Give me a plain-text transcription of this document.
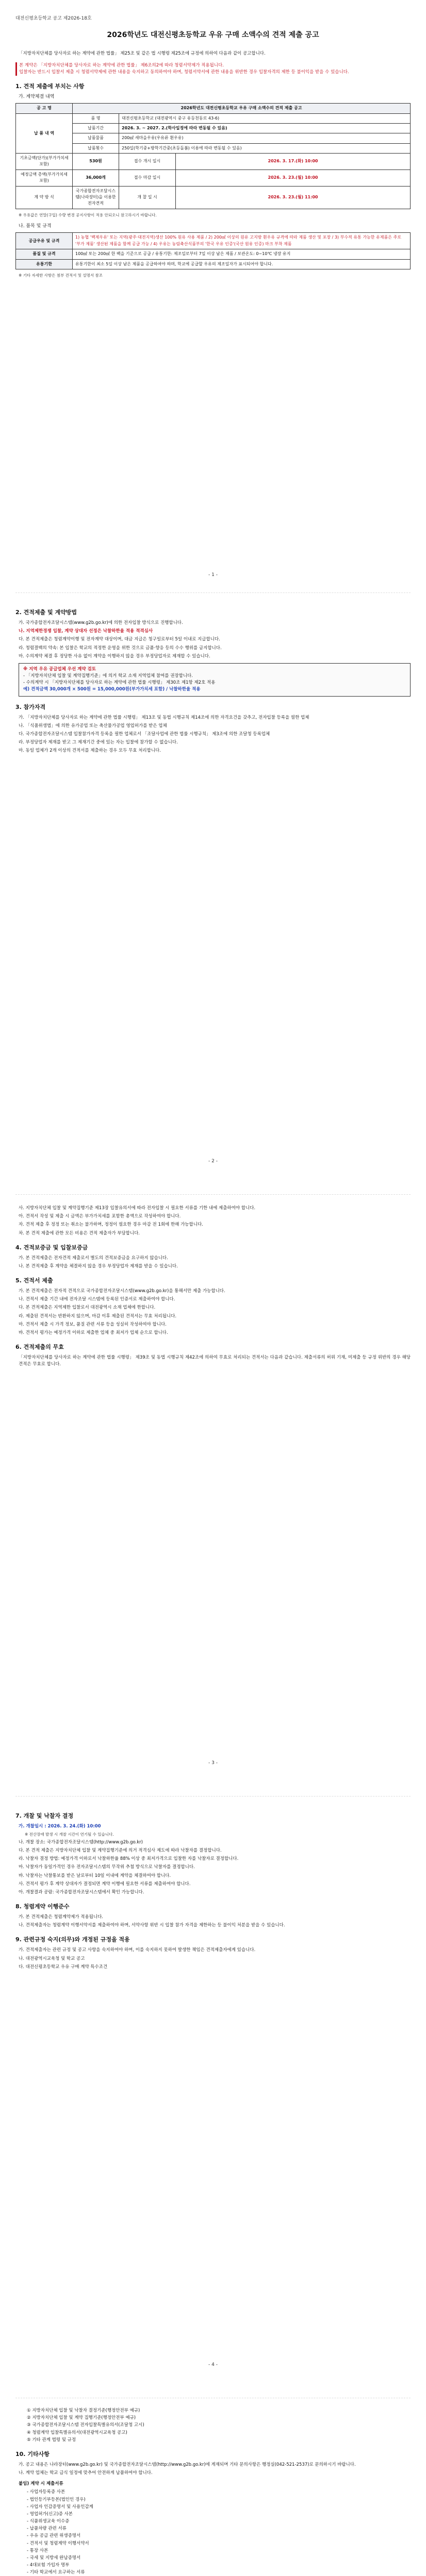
대전신평초등학교 공고 제2026-18호
2026학년도 대전신평초등학교 우유 구매 소액수의 견적 제출 공고
「지방자치단체를 당사자로 하는 계약에 관한 법률」 제25조 및 같은 법 시행령 제25조에 규정에 의하여 다음과 같이 공고합니다.
본 계약은 「지방자치단체를 당사자로 하는 계약에 관한 법률」 제6조의2에 따라 청렴서약제가 적용됩니다.
입찰자는 반드시 입찰서 제출 시 청렴서약제에 관한 내용을 숙지하고 동의하여야 하며, 청렴서약서에 관한 내용을 위반한 경우 입찰자격의 제한 등 불이익을 받을 수 있습니다.
1. 견적 제출에 부치는 사항
가. 계약체결 내역
공 고 명	2026학년도 대전신평초등학교 우유 구매 소액수의 견적 제출 공고		
납 품 내 역	품 명	대전신평초등학교 (대전광역시 중구 유등천동로 43-6)	
	납품기간	2026. 3. ~ 2027. 2.(학사일정에 따라 변동될 수 있음)	
	납품물품	200㎖ 새마을우유(우유류 흰우유)	
	납품횟수	250일(학기중+방학기간중(초등돌봄) 이용에 따라 변동될 수 있음)	
기초금액(단가)(부가가치세 포함)	530원	접수 개시 일시	2026. 3. 17.(화) 10:00
예정금액 총액(부가가치세 포함)	36,000개	접수 마감 일시	2026. 3. 23.(월) 10:00
계 약 방 식	국가종합전자조달시스템(나라장터)을 이용한 전자견적	개 찰 일 시	2026. 3. 23.(월) 11:00
※ 우유값은 연말(구입) 수량 변경 공지사항이 적용 안되오니 참고하시기 바랍니다.
나. 품목 및 규격
공급우유 및 규격	1) 농협 '백제우유' 또는 지역(광주·대전지역)생산 100% 원유 사용 제품 / 2) 200㎖ 이상의 원유 고지방 흰우유 규격에 따라 제품 생산 및 포장 / 3) 부수적 유통 가능한 유제품은 주로 '부가 제품' 생산된 제품을 함께 공급 가능 / 4) 우유는 농림축산식품부의 '한국 우유 인증'(국산 원유 인증) 마크 부착 제품
품질 및 규격	100㎖ 또는 200㎖ 한 팩을 기준으로 공급 / 유통기한: 제조일로부터 7일 이상 남은 제품 / 보관온도: 0~10℃ 냉장 유지
유통기한	유통기한이 최소 5일 이상 남은 제품을 공급하여야 하며, 학교에 공급할 우유의 제조일자가 표시되어야 합니다.
※ 기타 자세한 사항은 첨부 견적서 및 설명서 참조
- 1 -
2. 견적제출 및 계약방법
가. 국가종합전자조달시스템(www.g2b.go.kr)에 의한 전자입찰 방식으로 진행합니다.
나. 지역제한경쟁 입찰, 계약 상대자 선정은 낙찰하한율 적용 적격심사
다. 본 견적제출은 청렴계약이행 및 전자계약 대상이며, 대금 지급은 청구일로부터 5일 이내로 지급합니다.
라. 청렴결백의 약속: 본 입찰은 학교의 적정한 운영을 위한 것으로 금품·향응 등의 수수 행위를 금지합니다.
마. 수의계약 체결 후 정당한 사유 없이 계약을 이행하지 않을 경우 부정당업자로 제재할 수 있습니다.
※ 지역 우유 공급업체 우선 계약 검토
- 「지방자치단체 입찰 및 계약집행기준」에 의거 학교 소재 지역업체 참여를 권장합니다.
- 수의계약 시 「지방자치단체를 당사자로 하는 계약에 관한 법률 시행령」 제30조 제1항 제2호 적용
예) 견적금액 30,000개 × 500원 = 15,000,000원(부가가치세 포함) / 낙찰하한율 적용
3. 참가자격
가. 「지방자치단체를 당사자로 하는 계약에 관한 법률 시행령」 제13조 및 동법 시행규칙 제14조에 의한 자격요건을 갖추고, 전자입찰 등록을 필한 업체
나. 「식품위생법」에 의한 유가공업 또는 축산물가공업 영업허가를 받은 업체
다. 국가종합전자조달시스템 입찰참가자격 등록을 필한 업체로서 「조달사업에 관한 법률 시행규칙」 제3조에 의한 조달청 등록업체
라. 부정당업자 제재를 받고 그 제재기간 중에 있는 자는 입찰에 참가할 수 없습니다.
마. 동일 업체가 2개 이상의 견적서를 제출하는 경우 모두 무효 처리합니다.
- 2 -
사. 지방자치단체 입찰 및 계약집행기준 제13장 입찰유의서에 따라 전자입찰 시 필요한 서류를 기한 내에 제출하여야 합니다.
아. 견적서 작성 및 제출 시 금액은 부가가치세를 포함한 총액으로 작성하여야 합니다.
자. 견적 제출 후 정정 또는 취소는 불가하며, 정정이 필요한 경우 마감 전 1회에 한해 가능합니다.
차. 본 견적 제출에 관한 모든 비용은 견적 제출자가 부담합니다.
4. 견적보증금 및 입찰보증금
가. 본 견적제출은 전자견적 제출로서 별도의 견적보증금을 요구하지 않습니다.
나. 본 견적제출 후 계약을 체결하지 않을 경우 부정당업자 제재를 받을 수 있습니다.
5. 견적서 제출
가. 본 견적제출은 전자적 견적으로 국가종합전자조달시스템(www.g2b.go.kr)을 통해서만 제출 가능합니다.
나. 견적서 제출 기간 내에 전자조달 시스템에 등록된 인증서로 제출하여야 합니다.
다. 본 견적제출은 지역제한 입찰로서 대전광역시 소재 업체에 한합니다.
라. 제출된 견적서는 반환하지 않으며, 마감 이후 제출된 견적서는 무효 처리됩니다.
마. 견적서 제출 시 가격 정보, 품질 관련 서류 등을 성실히 작성하여야 합니다.
바. 견적서 평가는 예정가격 이하로 제출한 업체 중 최저가 업체 순으로 합니다.
6. 견적제출의 무효
「지방자치단체를 당사자로 하는 계약에 관한 법률 시행령」 제39조 및 동법 시행규칙 제42조에 의하여 무효로 처리되는 견적서는 다음과 같습니다. 제출서류의 허위 기재, 미제출 등 규정 위반의 경우 해당 견적은 무효로 합니다.
- 3 -
7. 개찰 및 낙찰자 결정
가. 개찰일시 : 2026. 3. 24.(화) 10:00
※ 전산장애 발생 시 개찰 시간이 연기될 수 있습니다.
나. 개찰 장소: 국가종합전자조달시스템(http://www.g2b.go.kr)
다. 본 견적 제출은 지방자치단체 입찰 및 계약집행기준에 의거 적격심사 제도에 따라 낙찰자를 결정합니다.
라. 낙찰자 결정 방법: 예정가격 이하로서 낙찰하한율 88% 이상 중 최저가격으로 입찰한 자를 낙찰자로 결정합니다.
마. 낙찰자가 동일가격인 경우 전자조달시스템의 무작위 추첨 방식으로 낙찰자를 결정합니다.
바. 낙찰자는 낙찰통보를 받은 날로부터 10일 이내에 계약을 체결하여야 합니다.
사. 견적서 평가 후 계약 상대자가 결정되면 계약 이행에 필요한 서류를 제출하여야 합니다.
아. 개찰결과 공람: 국가종합전자조달시스템에서 확인 가능합니다.
8. 청렴계약 이행준수
가. 본 견적제출은 청렴계약제가 적용됩니다.
나. 견적제출자는 청렴계약 이행서약서를 제출하여야 하며, 서약사항 위반 시 입찰 참가 자격을 제한하는 등 불이익 처분을 받을 수 있습니다.
9. 관련규정 숙지(의무)와 개정된 규정을 적용
가. 견적제출자는 관련 규정 및 공고 사항을 숙지하여야 하며, 이를 숙지하지 못하여 발생한 책임은 견적제출자에게 있습니다.
나. 대전광역시교육청 및 학교 공고
다. 대전신평초등학교 우유 구매 계약 특수조건
- 4 -
① 지방자치단체 입찰 및 낙찰자 결정기준(행정안전부 예규)
② 지방자치단체 입찰 및 계약 집행기준(행정안전부 예규)
③ 국가종합전자조달시스템 전자입찰특별유의서(조달청 고시)
④ 청렴계약 입찰특별유의서(대전광역시교육청 공고)
⑤ 기타 관계 법령 및 규정
10. 기타사항
가. 공고 내용은 나라장터(www.g2b.go.kr) 및 국가종합전자조달시스템(http://www.g2b.go.kr)에 게재되며 기타 문의사항은 행정실(042-521-2537)로 문의하시기 바랍니다.
나. 계약 업체는 학교 급식 일정에 맞추어 안전하게 납품하여야 합니다.
붙임) 계약 시 제출서류
- 사업자등록증 사본
- 법인등기부등본(법인인 경우)
- 사업자 인감증명서 및 사용인감계
- 영업허가(신고)증 사본
- 식품위생교육 이수증
- 납품차량 관련 서류
- 우유 공급 관련 위생증명서
- 견적서 및 청렴계약 이행서약서
- 통장 사본
- 국세 및 지방세 완납증명서
- 4대보험 가입자 명부
- 기타 학교에서 요구하는 서류
